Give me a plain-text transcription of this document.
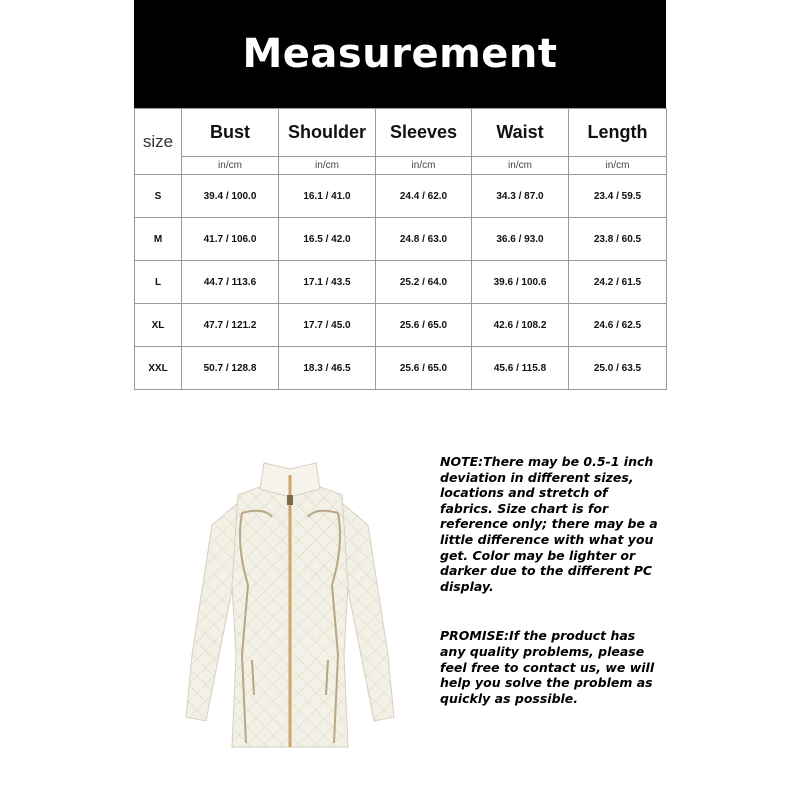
Measurement
size	Bust	Shoulder	Sleeves	Waist	Length
	in/cm	in/cm	in/cm	in/cm	in/cm
S	39.4 / 100.0	16.1 / 41.0	24.4 / 62.0	34.3 / 87.0	23.4 / 59.5
M	41.7 / 106.0	16.5 / 42.0	24.8 / 63.0	36.6 / 93.0	23.8 / 60.5
L	44.7 / 113.6	17.1 / 43.5	25.2 / 64.0	39.6 / 100.6	24.2 / 61.5
XL	47.7 / 121.2	17.7 / 45.0	25.6 / 65.0	42.6 / 108.2	24.6 / 62.5
XXL	50.7 / 128.8	18.3 / 46.5	25.6 / 65.0	45.6 / 115.8	25.0 / 63.5

NOTE:There may be 0.5-1 inch deviation in different sizes, locations and stretch of fabrics. Size chart is for reference only; there may be a little difference with what you get. Color may be lighter or darker due to the different PC display.

PROMISE:If the product has any quality problems, please feel free to contact us, we will help you solve the problem as quickly as possible.
